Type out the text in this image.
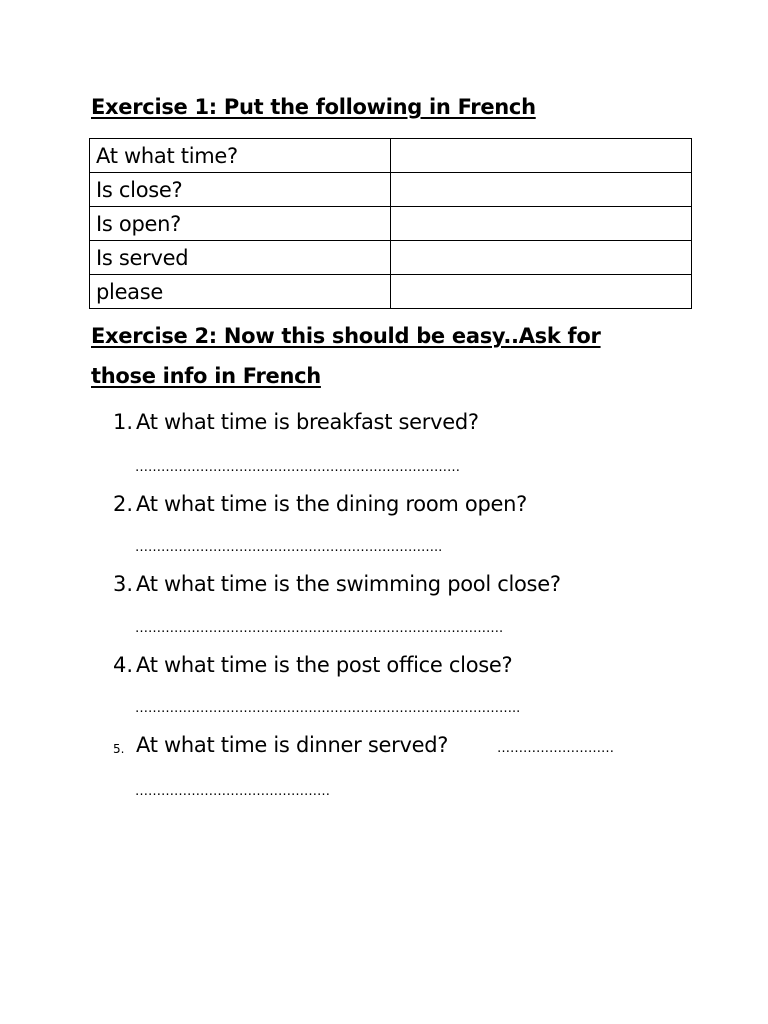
Exercise 1: Put the following in French
At what time?	
Is close?	
Is open?	
Is served	
please	
Exercise 2: Now this should be easy..Ask for
those info in French
1. At what time is breakfast served?
…………………………………………………………………
2. At what time is the dining room open?
……………………………………………………………..
3. At what time is the swimming pool close?
………………………………………………………………………….
4. At what time is the post office close?
……………………………………………………………………………..
5. At what time is dinner served?	………………………
………………………………………
